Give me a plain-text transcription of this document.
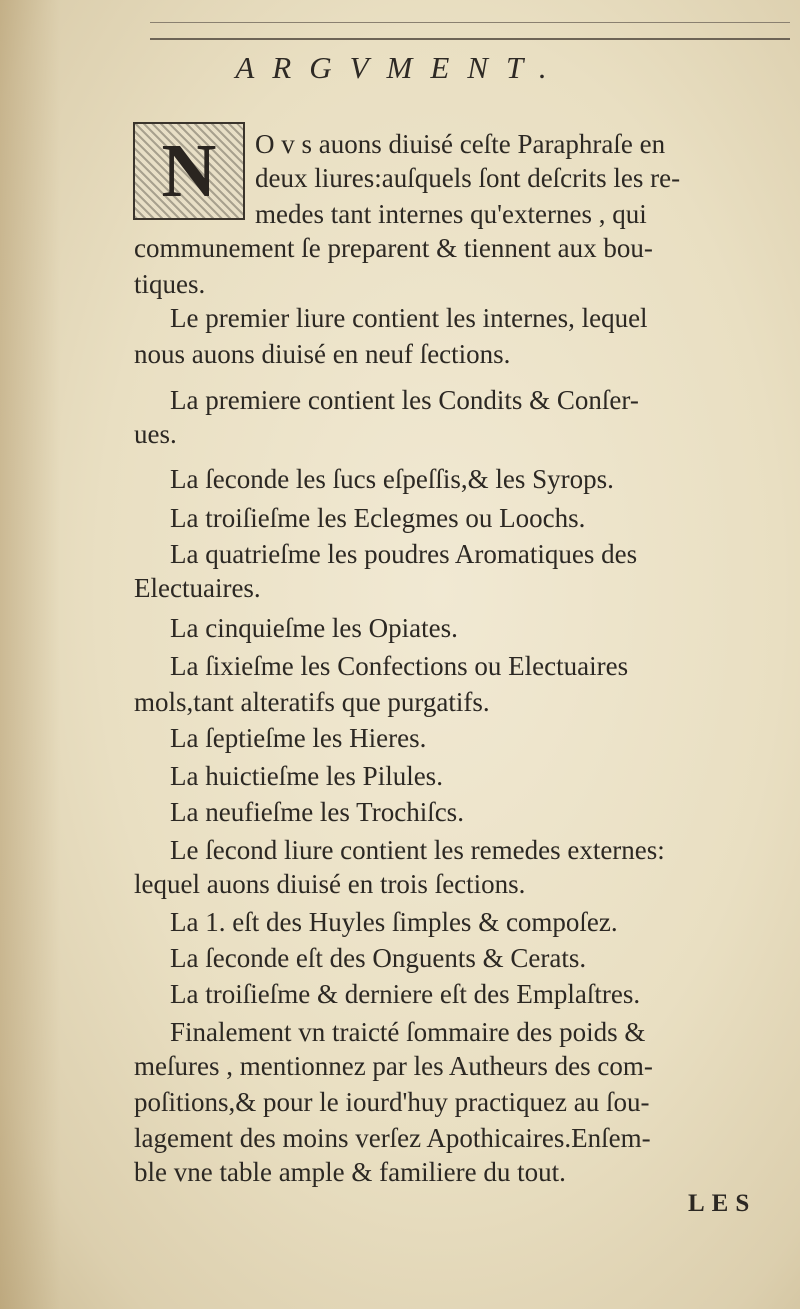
ARGVMENT.
N	O v s auons diuisé ceſte Paraphraſe en
deux liures:auſquels ſont deſcrits les re-
medes tant internes qu'externes , qui
communement ſe preparent & tiennent aux bou-
tiques.
Le premier liure contient les internes, lequel
nous auons diuisé en neuf ſections.
La premiere contient les Condits & Conſer-
ues.
La ſeconde les ſucs eſpeſſis,& les Syrops.
La troiſieſme les Eclegmes ou Loochs.
La quatrieſme les poudres Aromatiques des
Electuaires.
La cinquieſme les Opiates.
La ſixieſme les Confections ou Electuaires
mols,tant alteratifs que purgatifs.
La ſeptieſme les Hieres.
La huictieſme les Pilules.
La neufieſme les Trochiſcs.
Le ſecond liure contient les remedes externes:
lequel auons diuisé en trois ſections.
La 1. eſt des Huyles ſimples & compoſez.
La ſeconde eſt des Onguents & Cerats.
La troiſieſme & derniere eſt des Emplaſtres.
Finalement vn traicté ſommaire des poids &
meſures , mentionnez par les Autheurs des com-
poſitions,& pour le iourd'huy practiquez au ſou-
lagement des moins verſez Apothicaires.Enſem-
ble vne table ample & familiere du tout.
LES
